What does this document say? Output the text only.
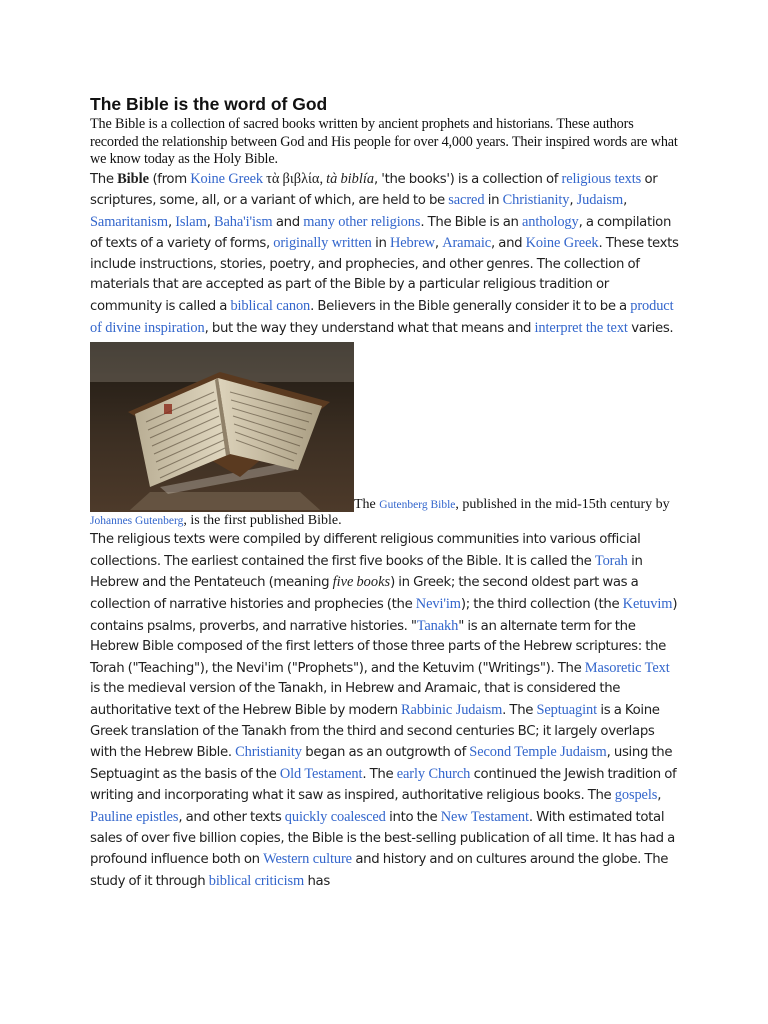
The Bible is the word of God

The Bible is a collection of sacred books written by ancient prophets and historians. These authors recorded the relationship between God and His people for over 4,000 years. Their inspired words are what we know today as the Holy Bible.

The Bible (from Koine Greek τὰ βιβλία, tà biblía, 'the books') is a collection of religious texts or scriptures, some, all, or a variant of which, are held to be sacred in Christianity, Judaism, Samaritanism, Islam, Baha'i'ism and many other religions. The Bible is an anthology, a compilation of texts of a variety of forms, originally written in Hebrew, Aramaic, and Koine Greek. These texts include instructions, stories, poetry, and prophecies, and other genres. The collection of materials that are accepted as part of the Bible by a particular religious tradition or community is called a biblical canon. Believers in the Bible generally consider it to be a product of divine inspiration, but the way they understand what that means and interpret the text varies.

The Gutenberg Bible, published in the mid-15th century by

Johannes Gutenberg, is the first published Bible.

The religious texts were compiled by different religious communities into various official collections. The earliest contained the first five books of the Bible. It is called the Torah in Hebrew and the Pentateuch (meaning five books) in Greek; the second oldest part was a collection of narrative histories and prophecies (the Nevi'im); the third collection (the Ketuvim) contains psalms, proverbs, and narrative histories. "Tanakh" is an alternate term for the Hebrew Bible composed of the first letters of those three parts of the Hebrew scriptures: the Torah ("Teaching"), the Nevi'im ("Prophets"), and the Ketuvim ("Writings"). The Masoretic Text is the medieval version of the Tanakh, in Hebrew and Aramaic, that is considered the authoritative text of the Hebrew Bible by modern Rabbinic Judaism. The Septuagint is a Koine Greek translation of the Tanakh from the third and second centuries BC; it largely overlaps with the Hebrew Bible. Christianity began as an outgrowth of Second Temple Judaism, using the Septuagint as the basis of the Old Testament. The early Church continued the Jewish tradition of writing and incorporating what it saw as inspired, authoritative religious books. The gospels, Pauline epistles, and other texts quickly coalesced into the New Testament. With estimated total sales of over five billion copies, the Bible is the best-selling publication of all time. It has had a profound influence both on Western culture and history and on cultures around the globe. The study of it through biblical criticism has
